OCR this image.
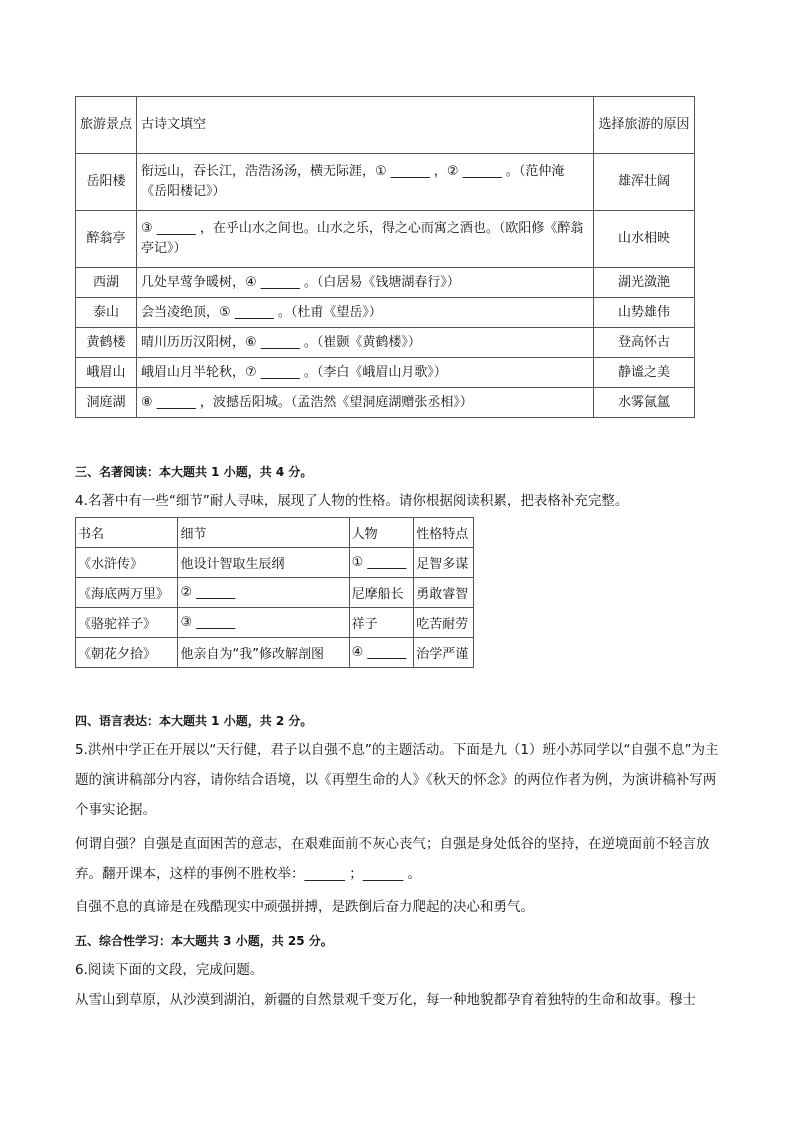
旅游景点	古诗文填空	选择旅游的原因
岳阳楼	衔远山，吞长江，浩浩汤汤，横无际涯，① ______ ，② ______ 。（范仲淹《岳阳楼记》）	雄浑壮阔
醉翁亭	③ ______ ，在乎山水之间也。山水之乐，得之心而寓之酒也。（欧阳修《醉翁亭记》）	山水相映
西湖	几处早莺争暖树，④ ______ 。（白居易《钱塘湖春行》）	湖光潋滟
泰山	会当凌绝顶，⑤ ______ 。（杜甫《望岳》）	山势雄伟
黄鹤楼	晴川历历汉阳树，⑥ ______ 。（崔颢《黄鹤楼》）	登高怀古
峨眉山	峨眉山月半轮秋，⑦ ______ 。（李白《峨眉山月歌》）	静谧之美
洞庭湖	⑧ ______ ，波撼岳阳城。（孟浩然《望洞庭湖赠张丞相》）	水雾氤氲
三、名著阅读：本大题共 1 小题，共 4 分。
4.名著中有一些“细节”耐人寻味，展现了人物的性格。请你根据阅读积累，把表格补充完整。
书名	细节	人物	性格特点
《水浒传》	他设计智取生辰纲	① ______	足智多谋
《海底两万里》	② ______	尼摩船长	勇敢睿智
《骆驼祥子》	③ ______	祥子	吃苦耐劳
《朝花夕拾》	他亲自为“我”修改解剖图	④ ______	治学严谨
四、语言表达：本大题共 1 小题，共 2 分。
5.洪州中学正在开展以“天行健，君子以自强不息”的主题活动。下面是九（1）班小苏同学以“自强不息”为主题的演讲稿部分内容，请你结合语境，以《再塑生命的人》《秋天的怀念》的两位作者为例，为演讲稿补写两个事实论据。
何谓自强？自强是直面困苦的意志，在艰难面前不灰心丧气；自强是身处低谷的坚持，在逆境面前不轻言放弃。翻开课本，这样的事例不胜枚举：______ ；______ 。
自强不息的真谛是在残酷现实中顽强拼搏，是跌倒后奋力爬起的决心和勇气。
五、综合性学习：本大题共 3 小题，共 25 分。
6.阅读下面的文段，完成问题。
从雪山到草原，从沙漠到湖泊，新疆的自然景观千变万化，每一种地貌都孕育着独特的生命和故事。穆士
